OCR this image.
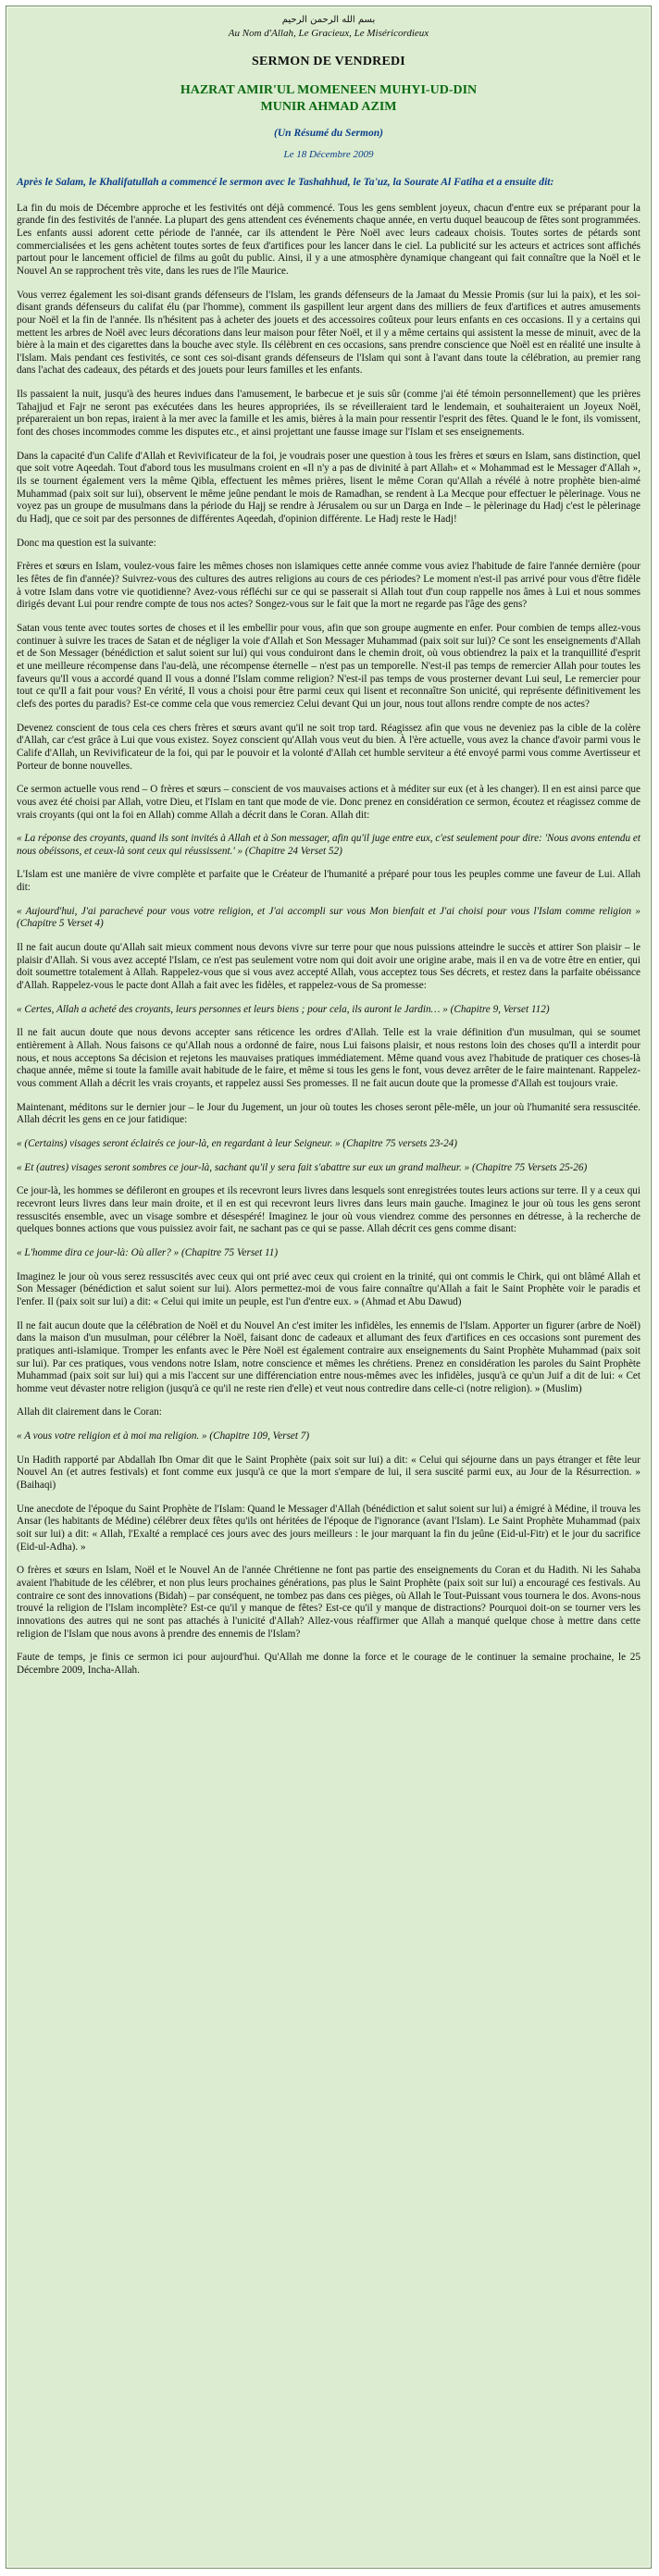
بسم الله الرحمن الرحيم
Au Nom d'Allah, Le Gracieux, Le Miséricordieux
SERMON DE VENDREDI
HAZRAT AMIR'UL MOMENEEN MUHYI-UD-DIN
MUNIR AHMAD AZIM
(Un Résumé du Sermon)
Le 18 Décembre 2009
Après le Salam, le Khalifatullah a commencé le sermon avec le Tashahhud, le Ta'uz, la Sourate Al Fatiha et a ensuite dit:

La fin du mois de Décembre approche et les festivités ont déjà commencé. Tous les gens semblent joyeux, chacun d'entre eux se préparant pour la grande fin des festivités de l'année. La plupart des gens attendent ces événements chaque année, en vertu duquel beaucoup de fêtes sont programmées. Les enfants aussi adorent cette période de l'année, car ils attendent le Père Noël avec leurs cadeaux choisis. Toutes sortes de pétards sont commercialisées et les gens achètent toutes sortes de feux d'artifices pour les lancer dans le ciel. La publicité sur les acteurs et actrices sont affichés partout pour le lancement officiel de films au goût du public. Ainsi, il y a une atmosphère dynamique changeant qui fait connaître que la Noël et le Nouvel An se rapprochent très vite, dans les rues de l'île Maurice.

Vous verrez également les soi-disant grands défenseurs de l'Islam, les grands défenseurs de la Jamaat du Messie Promis (sur lui la paix), et les soi-disant grands défenseurs du califat élu (par l'homme), comment ils gaspillent leur argent dans des milliers de feux d'artifices et autres amusements pour Noël et la fin de l'année. Ils n'hésitent pas à acheter des jouets et des accessoires coûteux pour leurs enfants en ces occasions. Il y a certains qui mettent les arbres de Noël avec leurs décorations dans leur maison pour fêter Noël, et il y a même certains qui assistent la messe de minuit, avec de la bière à la main et des cigarettes dans la bouche avec style. Ils célèbrent en ces occasions, sans prendre conscience que Noël est en réalité une insulte à l'Islam. Mais pendant ces festivités, ce sont ces soi-disant grands défenseurs de l'Islam qui sont à l'avant dans toute la célébration, au premier rang dans l'achat des cadeaux, des pétards et des jouets pour leurs familles et les enfants.

Ils passaient la nuit, jusqu'à des heures indues dans l'amusement, le barbecue et je suis sûr (comme j'ai été témoin personnellement) que les prières Tahajjud et Fajr ne seront pas exécutées dans les heures appropriées, ils se réveilleraient tard le lendemain, et souhaiteraient un Joyeux Noël, prépareraient un bon repas, iraient à la mer avec la famille et les amis, bières à la main pour ressentir l'esprit des fêtes. Quand le le font, ils vomissent, font des choses incommodes comme les disputes etc., et ainsi projettant une fausse image sur l'Islam et ses enseignements.

Dans la capacité d'un Calife d'Allah et Revivificateur de la foi, je voudrais poser une question à tous les frères et sœurs en Islam, sans distinction, quel que soit votre Aqeedah. Tout d'abord tous les musulmans croient en «Il n'y a pas de divinité à part Allah» et « Mohammad est le Messager d'Allah », ils se tournent également vers la même Qibla, effectuent les mêmes prières, lisent le même Coran qu'Allah a révélé à notre prophète bien-aimé Muhammad (paix soit sur lui), observent le même jeûne pendant le mois de Ramadhan, se rendent à La Mecque pour effectuer le pèlerinage. Vous ne voyez pas un groupe de musulmans dans la période du Hajj se rendre à Jérusalem ou sur un Darga en Inde – le pèlerinage du Hadj c'est le pèlerinage du Hadj, que ce soit par des personnes de différentes Aqeedah, d'opinion différente. Le Hadj reste le Hadj!

Donc ma question est la suivante:

Frères et sœurs en Islam, voulez-vous faire les mêmes choses non islamiques cette année comme vous aviez l'habitude de faire l'année dernière (pour les fêtes de fin d'année)? Suivrez-vous des cultures des autres religions au cours de ces périodes? Le moment n'est-il pas arrivé pour vous d'être fidèle à votre Islam dans votre vie quotidienne? Avez-vous réfléchi sur ce qui se passerait si Allah tout d'un coup rappelle nos âmes à Lui et nous sommes dirigés devant Lui pour rendre compte de tous nos actes? Songez-vous sur le fait que la mort ne regarde pas l'âge des gens?

Satan vous tente avec toutes sortes de choses et il les embellir pour vous, afin que son groupe augmente en enfer. Pour combien de temps allez-vous continuer à suivre les traces de Satan et de négliger la voie d'Allah et Son Messager Muhammad (paix soit sur lui)? Ce sont les enseignements d'Allah et de Son Messager (bénédiction et salut soient sur lui) qui vous conduiront dans le chemin droit, où vous obtiendrez la paix et la tranquillité d'esprit et une meilleure récompense dans l'au-delà, une récompense éternelle – n'est pas un temporelle. N'est-il pas temps de remercier Allah pour toutes les faveurs qu'Il vous a accordé quand Il vous a donné l'Islam comme religion? N'est-il pas temps de vous prosterner devant Lui seul, Le remercier pour tout ce qu'Il a fait pour vous? En vérité, Il vous a choisi pour être parmi ceux qui lisent et reconnaître Son unicité, qui représente définitivement les clefs des portes du paradis? Est-ce comme cela que vous remerciez Celui devant Qui un jour, nous tout allons rendre compte de nos actes?

Devenez conscient de tous cela ces chers frères et sœurs avant qu'il ne soit trop tard. Réagissez afin que vous ne deveniez pas la cible de la colère d'Allah, car c'est grâce à Lui que vous existez. Soyez conscient qu'Allah vous veut du bien. À l'ère actuelle, vous avez la chance d'avoir parmi vous le Calife d'Allah, un Revivificateur de la foi, qui par le pouvoir et la volonté d'Allah cet humble serviteur a été envoyé parmi vous comme Avertisseur et Porteur de bonne nouvelles.

Ce sermon actuelle vous rend – O frères et sœurs – conscient de vos mauvaises actions et à méditer sur eux (et à les changer). Il en est ainsi parce que vous avez été choisi par Allah, votre Dieu, et l'Islam en tant que mode de vie. Donc prenez en considération ce sermon, écoutez et réagissez comme de vrais croyants (qui ont la foi en Allah) comme Allah a décrit dans le Coran. Allah dit:

« La réponse des croyants, quand ils sont invités à Allah et à Son messager, afin qu'il juge entre eux, c'est seulement pour dire: 'Nous avons entendu et nous obéissons, et ceux-là sont ceux qui réussissent.' » (Chapitre 24 Verset 52)

L'Islam est une manière de vivre complète et parfaite que le Créateur de l'humanité a préparé pour tous les peuples comme une faveur de Lui. Allah dit:

« Aujourd'hui, J'ai parachevé pour vous votre religion, et J'ai accompli sur vous Mon bienfait et J'ai choisi pour vous l'Islam comme religion » (Chapitre 5 Verset 4)

Il ne fait aucun doute qu'Allah sait mieux comment nous devons vivre sur terre pour que nous puissions atteindre le succès et attirer Son plaisir – le plaisir d'Allah. Si vous avez accepté l'Islam, ce n'est pas seulement votre nom qui doit avoir une origine arabe, mais il en va de votre être en entier, qui doit soumettre totalement à Allah. Rappelez-vous que si vous avez accepté Allah, vous acceptez tous Ses décrets, et restez dans la parfaite obéissance d'Allah. Rappelez-vous le pacte dont Allah a fait avec les fidèles, et rappelez-vous de Sa promesse:

« Certes, Allah a acheté des croyants, leurs personnes et leurs biens ; pour cela, ils auront le Jardin… » (Chapitre 9, Verset 112)

Il ne fait aucun doute que nous devons accepter sans réticence les ordres d'Allah. Telle est la vraie définition d'un musulman, qui se soumet entièrement à Allah. Nous faisons ce qu'Allah nous a ordonné de faire, nous Lui faisons plaisir, et nous restons loin des choses qu'Il a interdit pour nous, et nous acceptons Sa décision et rejetons les mauvaises pratiques immédiatement. Même quand vous avez l'habitude de pratiquer ces choses-là chaque année, même si toute la famille avait habitude de le faire, et même si tous les gens le font, vous devez arrêter de le faire maintenant. Rappelez-vous comment Allah a décrit les vrais croyants, et rappelez aussi Ses promesses. Il ne fait aucun doute que la promesse d'Allah est toujours vraie.

Maintenant, méditons sur le dernier jour – le Jour du Jugement, un jour où toutes les choses seront pêle-mêle, un jour où l'humanité sera ressuscitée. Allah décrit les gens en ce jour fatidique:

« (Certains) visages seront éclairés ce jour-là, en regardant à leur Seigneur. » (Chapitre 75 versets 23-24)

« Et (autres) visages seront sombres ce jour-là, sachant qu'il y sera fait s'abattre sur eux un grand malheur. » (Chapitre 75 Versets 25-26)

Ce jour-là, les hommes se défileront en groupes et ils recevront leurs livres dans lesquels sont enregistrées toutes leurs actions sur terre. Il y a ceux qui recevront leurs livres dans leur main droite, et il en est qui recevront leurs livres dans leurs main gauche. Imaginez le jour où tous les gens seront ressuscités ensemble, avec un visage sombre et désespéré! Imaginez le jour où vous viendrez comme des personnes en détresse, à la recherche de quelques bonnes actions que vous puissiez avoir fait, ne sachant pas ce qui se passe. Allah décrit ces gens comme disant:

« L'homme dira ce jour-là: Où aller? » (Chapitre 75 Verset 11)

Imaginez le jour où vous serez ressuscités avec ceux qui ont prié avec ceux qui croient en la trinité, qui ont commis le Chirk, qui ont blâmé Allah et Son Messager (bénédiction et salut soient sur lui). Alors permettez-moi de vous faire connaître qu'Allah a fait le Saint Prophète voir le paradis et l'enfer. Il (paix soit sur lui) a dit: « Celui qui imite un peuple, est l'un d'entre eux. » (Ahmad et Abu Dawud)

Il ne fait aucun doute que la célébration de Noël et du Nouvel An c'est imiter les infidèles, les ennemis de l'Islam. Apporter un figurer (arbre de Noël) dans la maison d'un musulman, pour célébrer la Noël, faisant donc de cadeaux et allumant des feux d'artifices en ces occasions sont purement des pratiques anti-islamique. Tromper les enfants avec le Père Noël est également contraire aux enseignements du Saint Prophète Muhammad (paix soit sur lui). Par ces pratiques, vous vendons notre Islam, notre conscience et mêmes les chrétiens. Prenez en considération les paroles du Saint Prophète Muhammad (paix soit sur lui) qui a mis l'accent sur une différenciation entre nous-mêmes avec les infidèles, jusqu'à ce qu'un Juif a dit de lui: « Cet homme veut dévaster notre religion (jusqu'à ce qu'il ne reste rien d'elle) et veut nous contredire dans celle-ci (notre religion). » (Muslim)

Allah dit clairement dans le Coran:

« A vous votre religion et à moi ma religion. » (Chapitre 109, Verset 7)

Un Hadith rapporté par Abdallah Ibn Omar dit que le Saint Prophète (paix soit sur lui) a dit: « Celui qui séjourne dans un pays étranger et fête leur Nouvel An (et autres festivals) et font comme eux jusqu'à ce que la mort s'empare de lui, il sera suscité parmi eux, au Jour de la Résurrection. » (Baihaqi)

Une anecdote de l'époque du Saint Prophète de l'Islam: Quand le Messager d'Allah (bénédiction et salut soient sur lui) a émigré à Médine, il trouva les Ansar (les habitants de Médine) célébrer deux fêtes qu'ils ont héritées de l'époque de l'ignorance (avant l'Islam). Le Saint Prophète Muhammad (paix soit sur lui) a dit: « Allah, l'Exalté a remplacé ces jours avec des jours meilleurs : le jour marquant la fin du jeûne (Eid-ul-Fitr) et le jour du sacrifice (Eid-ul-Adha). »

O frères et sœurs en Islam, Noël et le Nouvel An de l'année Chrétienne ne font pas partie des enseignements du Coran et du Hadith. Ni les Sahaba avaient l'habitude de les célébrer, et non plus leurs prochaines générations, pas plus le Saint Prophète (paix soit sur lui) a encouragé ces festivals. Au contraire ce sont des innovations (Bidah) – par conséquent, ne tombez pas dans ces pièges, où Allah le Tout-Puissant vous tournera le dos. Avons-nous trouvé la religion de l'Islam incomplète? Est-ce qu'il y manque de fêtes? Est-ce qu'il y manque de distractions? Pourquoi doit-on se tourner vers les innovations des autres qui ne sont pas attachés à l'unicité d'Allah? Allez-vous réaffirmer que Allah a manqué quelque chose à mettre dans cette religion de l'Islam que nous avons à prendre des ennemis de l'Islam?

Faute de temps, je finis ce sermon ici pour aujourd'hui. Qu'Allah me donne la force et le courage de le continuer la semaine prochaine, le 25 Décembre 2009, Incha-Allah.
